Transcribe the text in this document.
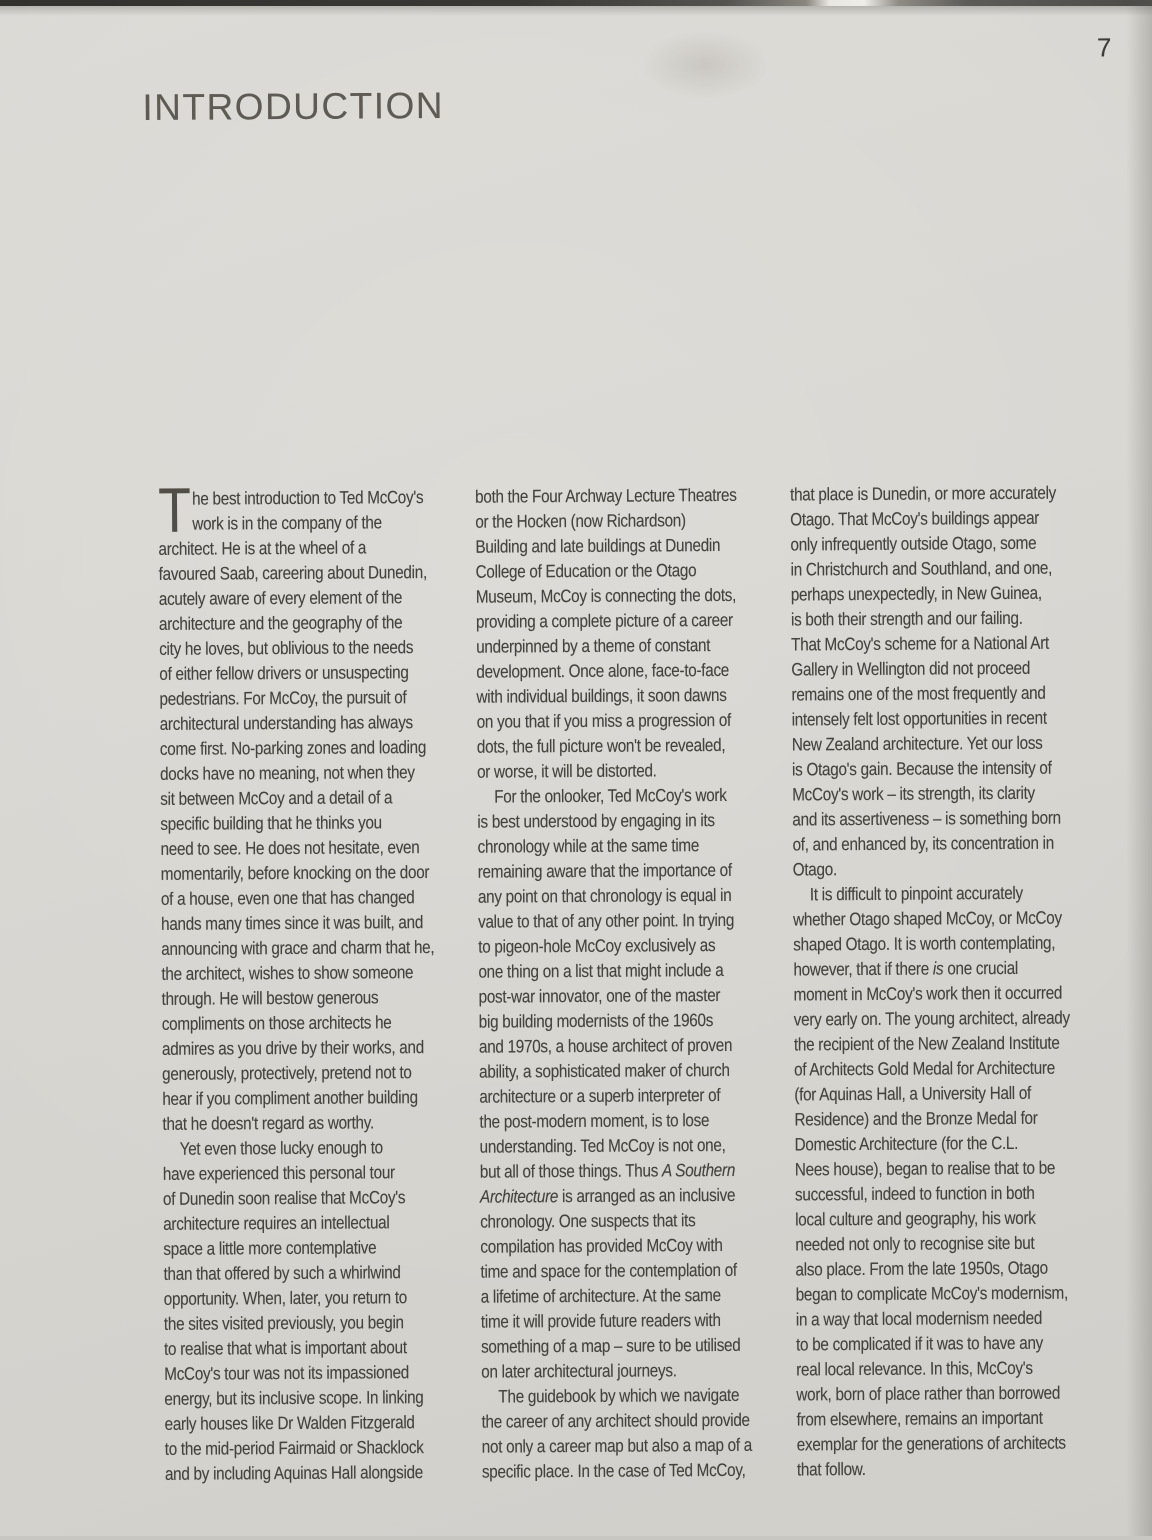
7
INTRODUCTION
T he best introduction to Ted McCoy's
work is in the company of the
architect. He is at the wheel of a
favoured Saab, careering about Dunedin,
acutely aware of every element of the
architecture and the geography of the
city he loves, but oblivious to the needs
of either fellow drivers or unsuspecting
pedestrians. For McCoy, the pursuit of
architectural understanding has always
come first. No-parking zones and loading
docks have no meaning, not when they
sit between McCoy and a detail of a
specific building that he thinks you
need to see. He does not hesitate, even
momentarily, before knocking on the door
of a house, even one that has changed
hands many times since it was built, and
announcing with grace and charm that he,
the architect, wishes to show someone
through. He will bestow generous
compliments on those architects he
admires as you drive by their works, and
generously, protectively, pretend not to
hear if you compliment another building
that he doesn't regard as worthy.
Yet even those lucky enough to
have experienced this personal tour
of Dunedin soon realise that McCoy's
architecture requires an intellectual
space a little more contemplative
than that offered by such a whirlwind
opportunity. When, later, you return to
the sites visited previously, you begin
to realise that what is important about
McCoy's tour was not its impassioned
energy, but its inclusive scope. In linking
early houses like Dr Walden Fitzgerald
to the mid-period Fairmaid or Shacklock
and by including Aquinas Hall alongside
both the Four Archway Lecture Theatres
or the Hocken (now Richardson)
Building and late buildings at Dunedin
College of Education or the Otago
Museum, McCoy is connecting the dots,
providing a complete picture of a career
underpinned by a theme of constant
development. Once alone, face-to-face
with individual buildings, it soon dawns
on you that if you miss a progression of
dots, the full picture won't be revealed,
or worse, it will be distorted.
For the onlooker, Ted McCoy's work
is best understood by engaging in its
chronology while at the same time
remaining aware that the importance of
any point on that chronology is equal in
value to that of any other point. In trying
to pigeon-hole McCoy exclusively as
one thing on a list that might include a
post-war innovator, one of the master
big building modernists of the 1960s
and 1970s, a house architect of proven
ability, a sophisticated maker of church
architecture or a superb interpreter of
the post-modern moment, is to lose
understanding. Ted McCoy is not one,
but all of those things. Thus A Southern
Architecture is arranged as an inclusive
chronology. One suspects that its
compilation has provided McCoy with
time and space for the contemplation of
a lifetime of architecture. At the same
time it will provide future readers with
something of a map – sure to be utilised
on later architectural journeys.
The guidebook by which we navigate
the career of any architect should provide
not only a career map but also a map of a
specific place. In the case of Ted McCoy,
that place is Dunedin, or more accurately
Otago. That McCoy's buildings appear
only infrequently outside Otago, some
in Christchurch and Southland, and one,
perhaps unexpectedly, in New Guinea,
is both their strength and our failing.
That McCoy's scheme for a National Art
Gallery in Wellington did not proceed
remains one of the most frequently and
intensely felt lost opportunities in recent
New Zealand architecture. Yet our loss
is Otago's gain. Because the intensity of
McCoy's work – its strength, its clarity
and its assertiveness – is something born
of, and enhanced by, its concentration in
Otago.
It is difficult to pinpoint accurately
whether Otago shaped McCoy, or McCoy
shaped Otago. It is worth contemplating,
however, that if there is one crucial
moment in McCoy's work then it occurred
very early on. The young architect, already
the recipient of the New Zealand Institute
of Architects Gold Medal for Architecture
(for Aquinas Hall, a University Hall of
Residence) and the Bronze Medal for
Domestic Architecture (for the C.L.
Nees house), began to realise that to be
successful, indeed to function in both
local culture and geography, his work
needed not only to recognise site but
also place. From the late 1950s, Otago
began to complicate McCoy's modernism,
in a way that local modernism needed
to be complicated if it was to have any
real local relevance. In this, McCoy's
work, born of place rather than borrowed
from elsewhere, remains an important
exemplar for the generations of architects
that follow.
